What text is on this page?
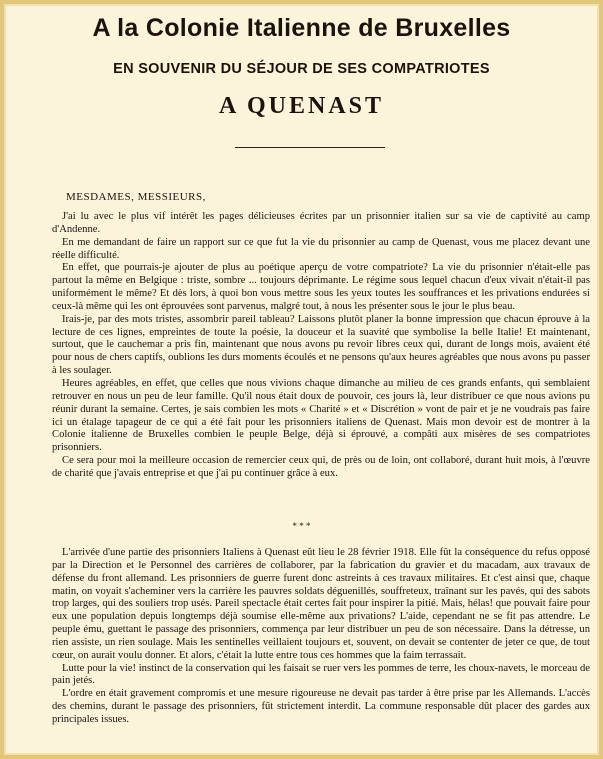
A la Colonie Italienne de Bruxelles
EN SOUVENIR DU SÉJOUR DE SES COMPATRIOTES
A QUENAST
MESDAMES, MESSIEURS,

J'ai lu avec le plus vif intérêt les pages délicieuses écrites par un prisonnier italien sur sa vie de captivité au camp d'Andenne.

En me demandant de faire un rapport sur ce que fut la vie du prisonnier au camp de Quenast, vous me placez devant une réelle difficulté.

En effet, que pourrais-je ajouter de plus au poétique aperçu de votre compatriote? La vie du prisonnier n'était-elle pas partout la même en Belgique : triste, sombre ... toujours déprimante. Le régime sous lequel chacun d'eux vivait n'était-il pas uniformément le même? Et dès lors, à quoi bon vous mettre sous les yeux toutes les souffrances et les privations endurées si ceux-là même qui les ont éprouvées sont parvenus, malgré tout, à nous les présenter sous le jour le plus beau.

Irais-je, par des mots tristes, assombrir pareil tableau? Laissons plutôt planer la bonne impression que chacun éprouve à la lecture de ces lignes, empreintes de toute la poésie, la douceur et la suavité que symbolise la belle Italie! Et maintenant, surtout, que le cauchemar a pris fin, maintenant que nous avons pu revoir libres ceux qui, durant de longs mois, avaient été pour nous de chers captifs, oublions les durs moments écoulés et ne pensons qu'aux heures agréables que nous avons pu passer à les soulager.

Heures agréables, en effet, que celles que nous vivions chaque dimanche au milieu de ces grands enfants, qui semblaient retrouver en nous un peu de leur famille. Qu'il nous était doux de pouvoir, ces jours là, leur distribuer ce que nous avions pu réunir durant la semaine. Certes, je sais combien les mots « Charité » et « Discrétion » vont de pair et je ne voudrais pas faire ici un étalage tapageur de ce qui a été fait pour les prisonniers italiens de Quenast. Mais mon devoir est de montrer à la Colonie italienne de Bruxelles combien le peuple Belge, déjà si éprouvé, a compâti aux misères de ses compatriotes prisonniers.

Ce sera pour moi la meilleure occasion de remercier ceux qui, de près ou de loin, ont collaboré, durant huit mois, à l'œuvre de charité que j'avais entreprise et que j'ai pu continuer grâce à eux.

* * *

L'arrivée d'une partie des prisonniers Italiens à Quenast eût lieu le 28 février 1918. Elle fût la conséquence du refus opposé par la Direction et le Personnel des carrières de collaborer, par la fabrication du gravier et du macadam, aux travaux de défense du front allemand. Les prisonniers de guerre furent donc astreints à ces travaux militaires. Et c'est ainsi que, chaque matin, on voyait s'acheminer vers la carrière les pauvres soldats déguenillés, souffreteux, traînant sur les pavés, qui des sabots trop larges, qui des souliers trop usés. Pareil spectacle était certes fait pour inspirer la pitié. Mais, hélas! que pouvait faire pour eux une population depuis longtemps déjà soumise elle-même aux privations? L'aide, cependant ne se fit pas attendre. Le peuple ému, guettant le passage des prisonniers, commença par leur distribuer un peu de son nécessaire. Dans la détresse, un rien assiste, un rien soulage. Mais les sentinelles veillaient toujours et, souvent, on devait se contenter de jeter ce que, de tout cœur, on aurait voulu donner. Et alors, c'était la lutte entre tous ces hommes que la faim terrassait.

Lutte pour la vie! instinct de la conservation qui les faisait se ruer vers les pommes de terre, les choux-navets, le morceau de pain jetés.

L'ordre en était gravement compromis et une mesure rigoureuse ne devait pas tarder à être prise par les Allemands. L'accès des chemins, durant le passage des prisonniers, fût strictement interdit. La commune responsable dût placer des gardes aux principales issues.
